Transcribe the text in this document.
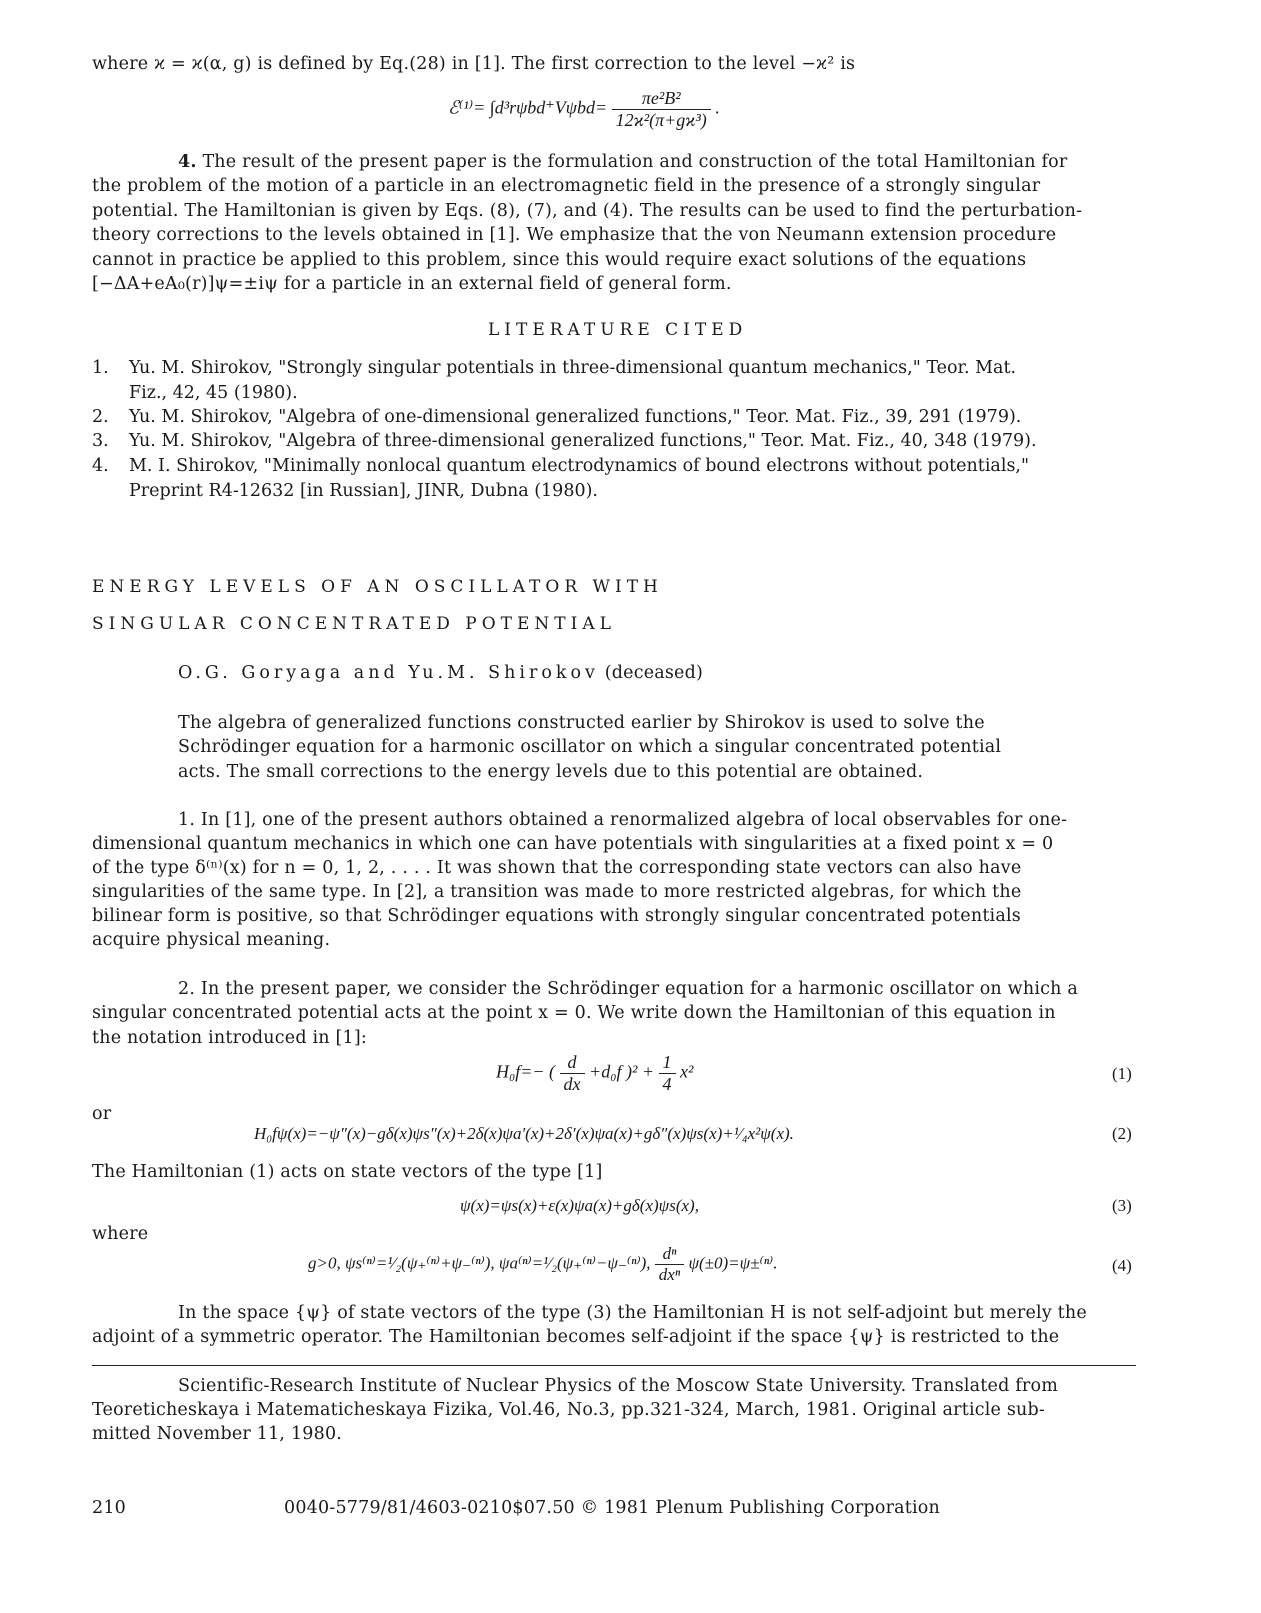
where ϰ = ϰ(α, g) is defined by Eq.(28) in [1]. The first correction to the level −ϰ² is
ℰ⁽¹⁾= $\int d^3r\psi bd^+V\psi bd= \frac{\text{πe²B²}}{\text{12ϰ²(π+gϰ³)}}$ .
4. The result of the present paper is the formulation and construction of the total Hamiltonian for
the problem of the motion of a particle in an electromagnetic field in the presence of a strongly singular
potential. The Hamiltonian is given by Eqs. (8), (7), and (4). The results can be used to find the perturbation-
theory corrections to the levels obtained in [1]. We emphasize that the von Neumann extension procedure
cannot in practice be applied to this problem, since this would require exact solutions of the equations
[−ΔA+eA₀(r)]ψ=±iψ for a particle in an external field of general form.
LITERATURE CITED
1. Yu. M. Shirokov, "Strongly singular potentials in three-dimensional quantum mechanics," Teor. Mat.
Fiz., 42, 45 (1980).
2. Yu. M. Shirokov, "Algebra of one-dimensional generalized functions," Teor. Mat. Fiz., 39, 291 (1979).
3. Yu. M. Shirokov, "Algebra of three-dimensional generalized functions," Teor. Mat. Fiz., 40, 348 (1979).
4. M. I. Shirokov, "Minimally nonlocal quantum electrodynamics of bound electrons without potentials,"
Preprint R4-12632 [in Russian], JINR, Dubna (1980).
ENERGY LEVELS OF AN OSCILLATOR WITH
SINGULAR CONCENTRATED POTENTIAL
O.G. Goryaga and Yu.M. Shirokov (deceased)
The algebra of generalized functions constructed earlier by Shirokov is used to solve the
Schrödinger equation for a harmonic oscillator on which a singular concentrated potential
acts. The small corrections to the energy levels due to this potential are obtained.
1. In [1], one of the present authors obtained a renormalized algebra of local observables for one-
dimensional quantum mechanics in which one can have potentials with singularities at a fixed point x = 0
of the type δ⁽ⁿ⁾(x) for n = 0, 1, 2, . . . . It was shown that the corresponding state vectors can also have
singularities of the same type. In [2], a transition was made to more restricted algebras, for which the
bilinear form is positive, so that Schrödinger equations with strongly singular concentrated potentials
acquire physical meaning.
2. In the present paper, we consider the Schrödinger equation for a harmonic oscillator on which a
singular concentrated potential acts at the point x = 0. We write down the Hamiltonian of this equation in
the notation introduced in [1]:
H₀f=− ( $\frac{d}{dx} +d_0f$ )$^2 + \frac{1}{4} x^2$	(1)
or
H₀fψ(x)=−ψ″(x)−gδ(x)ψs″(x)+2δ(x)ψa′(x)+2δ′(x)ψa(x)+gδ″(x)ψs(x)+¹⁄₄x²ψ(x).	(2)
The Hamiltonian (1) acts on state vectors of the type [1]
ψ(x)=ψs(x)+ε(x)ψa(x)+gδ(x)ψs(x),	(3)
where
g>0, ψs⁽ⁿ⁾=¹⁄₂(ψ₊⁽ⁿ⁾+ψ₋⁽ⁿ⁾), ψa⁽ⁿ⁾=¹⁄₂(ψ₊⁽ⁿ⁾−ψ₋⁽ⁿ⁾), $\frac{\text{dⁿ}}{\text{dxⁿ}} \psi(\pm 0)=\psi\pm^{(n)}$.	(4)
In the space {ψ} of state vectors of the type (3) the Hamiltonian H is not self-adjoint but merely the
adjoint of a symmetric operator. The Hamiltonian becomes self-adjoint if the space {ψ} is restricted to the
Scientific-Research Institute of Nuclear Physics of the Moscow State University. Translated from
Teoreticheskaya i Matematicheskaya Fizika, Vol.46, No.3, pp.321-324, March, 1981. Original article sub-
mitted November 11, 1980.
210	0040-5779/81/4603-0210$07.50 © 1981 Plenum Publishing Corporation
